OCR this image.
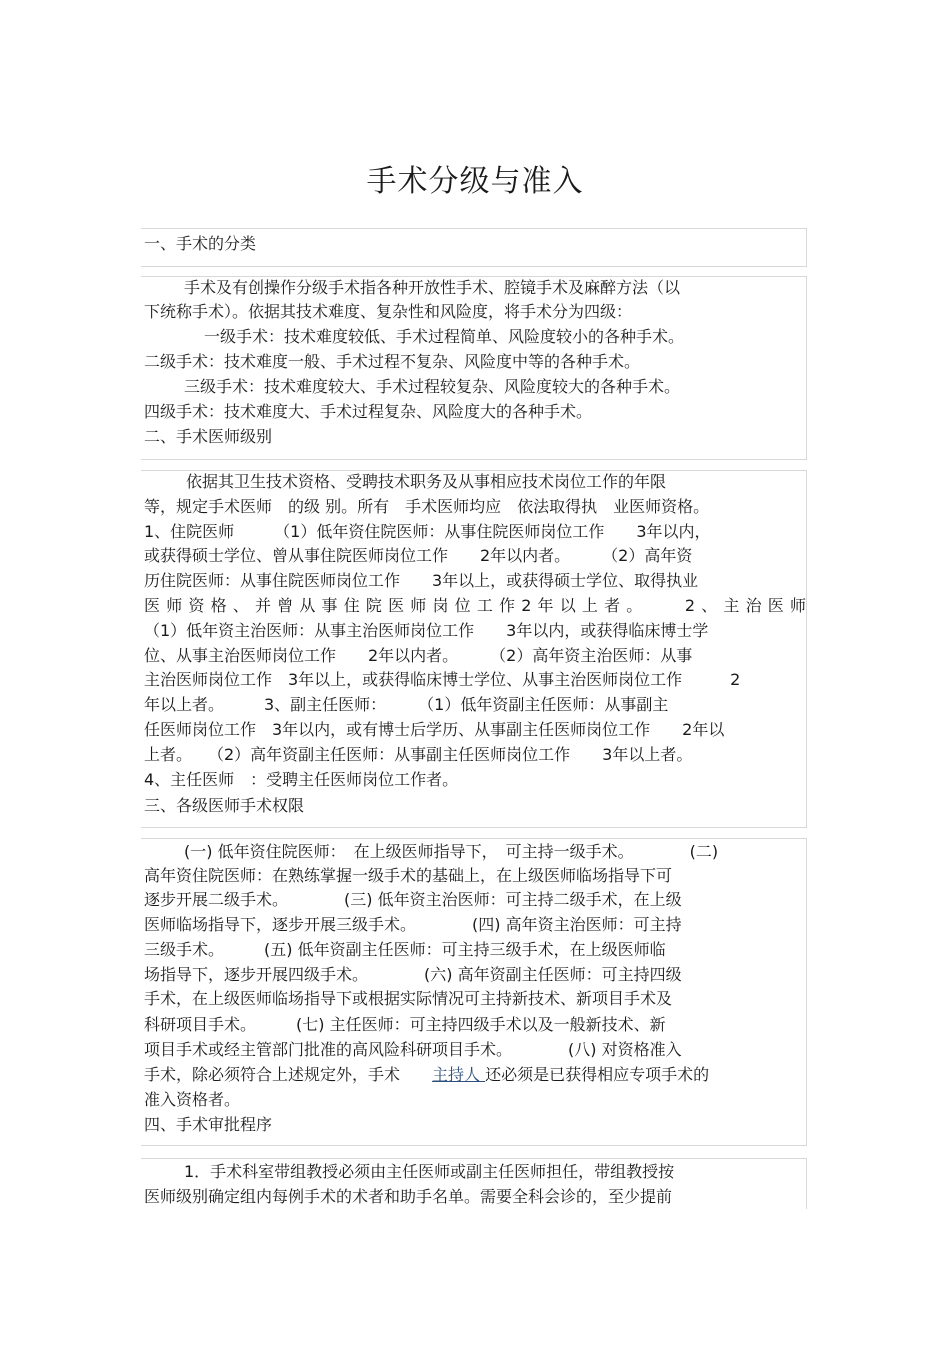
手术分级与准入
一、手术的分类
手术及有创操作分级手术指各种开放性手术、腔镜手术及麻醉方法（以
下统称手术）。依据其技术难度、复杂性和风险度，将手术分为四级：
一级手术：技术难度较低、手术过程简单、风险度较小的各种手术。
二级手术：技术难度一般、手术过程不复杂、风险度中等的各种手术。
三级手术：技术难度较大、手术过程较复杂、风险度较大的各种手术。
四级手术：技术难度大、手术过程复杂、风险度大的各种手术。
二、手术医师级别
依据其卫生技术资格、受聘技术职务及从事相应技术岗位工作的年限
等，规定手术医师　的级 别。所有　手术医师均应　依法取得执　业医师资格。
1、住院医师　　　（1）低年资住院医师：从事住院医师岗位工作　　3年以内，
或获得硕士学位、曾从事住院医师岗位工作　　2年以内者。　　　（2）高年资
历住院医师：从事住院医师岗位工作　　3年以上，或获得硕士学位、取得执业
医师资格、并曾从事住院医师岗位工作2年以上者。　　2、主治医师
（1）低年资主治医师：从事主治医师岗位工作　　3年以内，或获得临床博士学
位、从事主治医师岗位工作　　2年以内者。　　　（2）高年资主治医师：从事
主治医师岗位工作　3年以上，或获得临床博士学位、从事主治医师岗位工作　　　2
年以上者。　　　3、副主任医师：　　　（1）低年资副主任医师：从事副主
任医师岗位工作　3年以内，或有博士后学历、从事副主任医师岗位工作　　2年以
上者。　　（2）高年资副主任医师：从事副主任医师岗位工作　　3年以上者。
4、主任医师　：受聘主任医师岗位工作者。
三、各级医师手术权限
(一) 低年资住院医师：　在上级医师指导下，　可主持一级手术。　　　　(二)
高年资住院医师：在熟练掌握一级手术的基础上，在上级医师临场指导下可
逐步开展二级手术。　　　　(三) 低年资主治医师：可主持二级手术，在上级
医师临场指导下，逐步开展三级手术。　　　　(四) 高年资主治医师：可主持
三级手术。　　　(五) 低年资副主任医师：可主持三级手术，在上级医师临
场指导下，逐步开展四级手术。　　　　(六) 高年资副主任医师：可主持四级
手术，在上级医师临场指导下或根据实际情况可主持新技术、新项目手术及
科研项目手术。　　　(七) 主任医师：可主持四级手术以及一般新技术、新
项目手术或经主管部门批准的高风险科研项目手术。　　　　(八) 对资格准入
手术，除必须符合上述规定外，手术　　主持人 还必须是已获得相应专项手术的
准入资格者。
四、手术审批程序
1．手术科室带组教授必须由主任医师或副主任医师担任，带组教授按
医师级别确定组内每例手术的术者和助手名单。需要全科会诊的，至少提前
